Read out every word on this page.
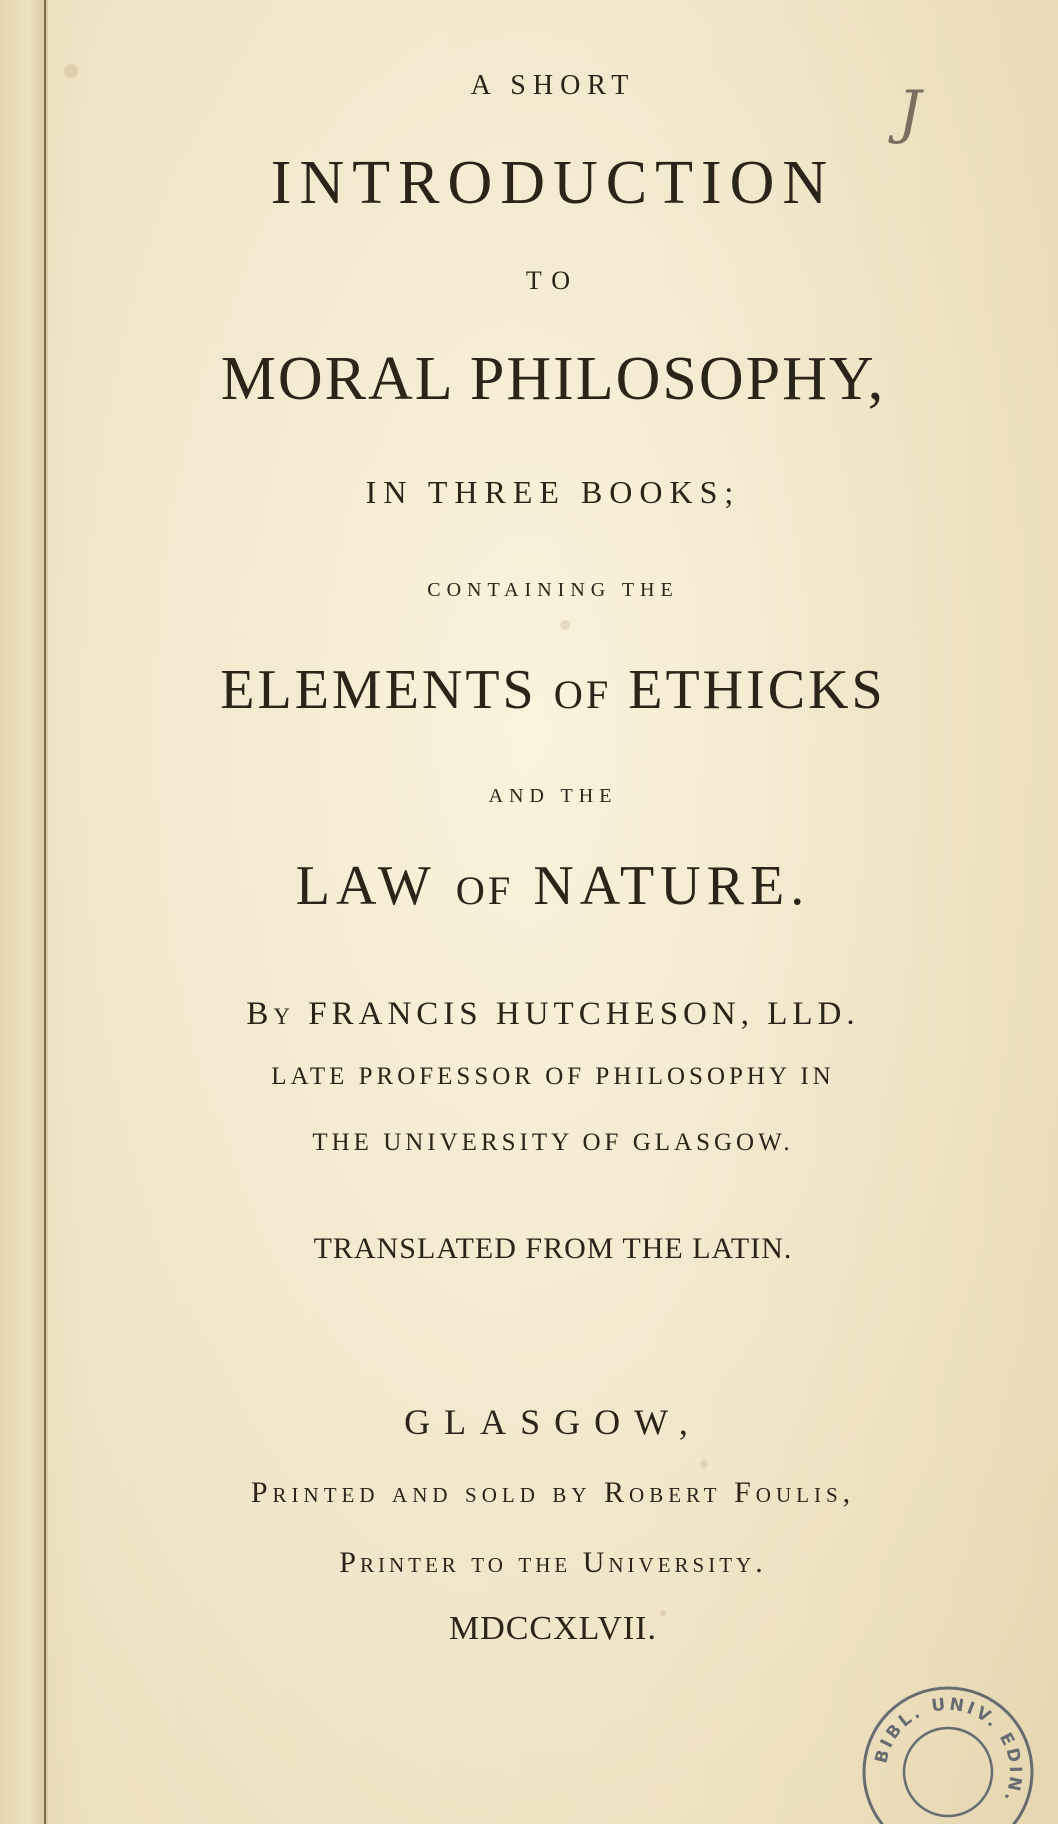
J
A SHORT
INTRODUCTION
TO
MORAL PHILOSOPHY,
IN THREE BOOKS;
CONTAINING THE
ELEMENTS OF ETHICKS
AND THE
LAW OF NATURE.
By FRANCIS HUTCHESON, LLD.
LATE PROFESSOR OF PHILOSOPHY IN
THE UNIVERSITY OF GLASGOW.
TRANSLATED FROM THE LATIN.
GLASGOW,
Printed and sold by Robert Foulis,
Printer to the University.
MDCCXLVII.
BIBL. UNIV. EDIN.
